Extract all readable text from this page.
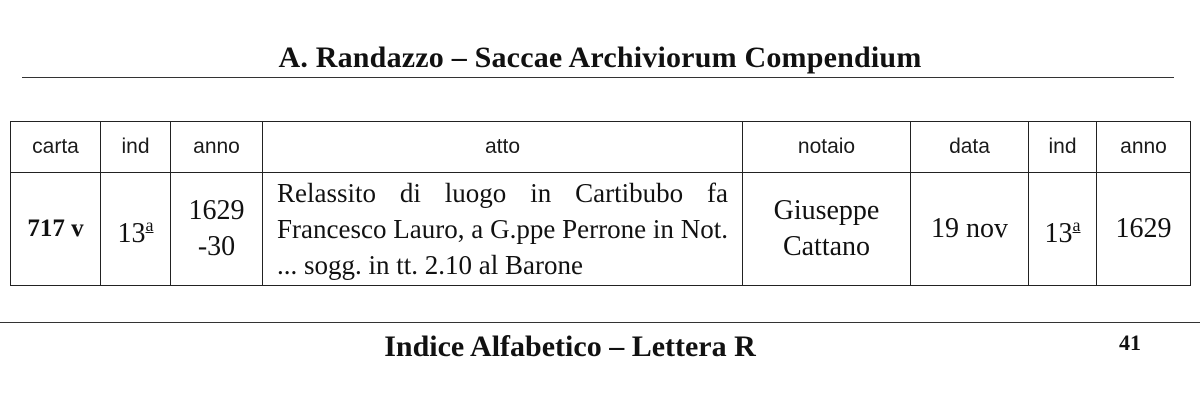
A. Randazzo – Saccae Archiviorum Compendium
carta	ind	anno	atto	notaio	data	ind	anno
717 v	13$^a$	1629 -30	Relassito di luogo in Cartibubo fa Francesco Lauro, a G.ppe Perrone in Not. ... sogg. in tt. 2.10 al Barone	Giuseppe Cattano	19 nov	13$^a$	1629
Indice Alfabetico – Lettera R	41
